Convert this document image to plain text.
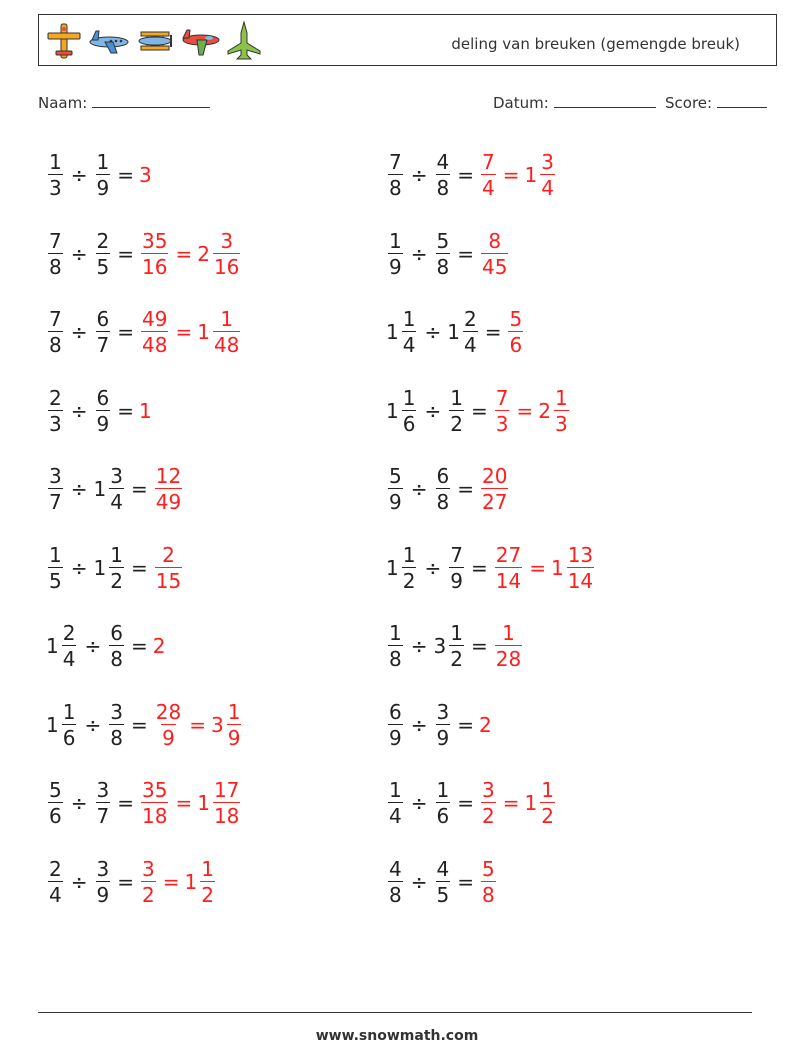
deling van breuken (gemengde breuk)
Naam:	Datum:	Score:
$\frac{1}{3} \div \frac{1}{9} = 3$	$\frac{7}{8} \div \frac{4}{8} = \frac{7}{4} = 1 \frac{3}{4}$
$\frac{7}{8} \div \frac{2}{5} = \frac{35}{16} = 2 \frac{3}{16}$	$\frac{1}{9} \div \frac{5}{8} = \frac{8}{45}$
$\frac{7}{8} \div \frac{6}{7} = \frac{49}{48} = 1 \frac{1}{48}$	$1 \frac{1}{4} \div 1 \frac{2}{4} = \frac{5}{6}$
$\frac{2}{3} \div \frac{6}{9} = 1$	$1 \frac{1}{6} \div \frac{1}{2} = \frac{7}{3} = 2 \frac{1}{3}$
$\frac{3}{7} \div 1 \frac{3}{4} = \frac{12}{49}$	$\frac{5}{9} \div \frac{6}{8} = \frac{20}{27}$
$\frac{1}{5} \div 1 \frac{1}{2} = \frac{2}{15}$	$1 \frac{1}{2} \div \frac{7}{9} = \frac{27}{14} = 1 \frac{13}{14}$
$1 \frac{2}{4} \div \frac{6}{8} = 2$	$\frac{1}{8} \div 3 \frac{1}{2} = \frac{1}{28}$
$1 \frac{1}{6} \div \frac{3}{8} = \frac{28}{9} = 3 \frac{1}{9}$	$\frac{6}{9} \div \frac{3}{9} = 2$
$\frac{5}{6} \div \frac{3}{7} = \frac{35}{18} = 1 \frac{17}{18}$	$\frac{1}{4} \div \frac{1}{6} = \frac{3}{2} = 1 \frac{1}{2}$
$\frac{2}{4} \div \frac{3}{9} = \frac{3}{2} = 1 \frac{1}{2}$	$\frac{4}{8} \div \frac{4}{5} = \frac{5}{8}$
www.snowmath.com
